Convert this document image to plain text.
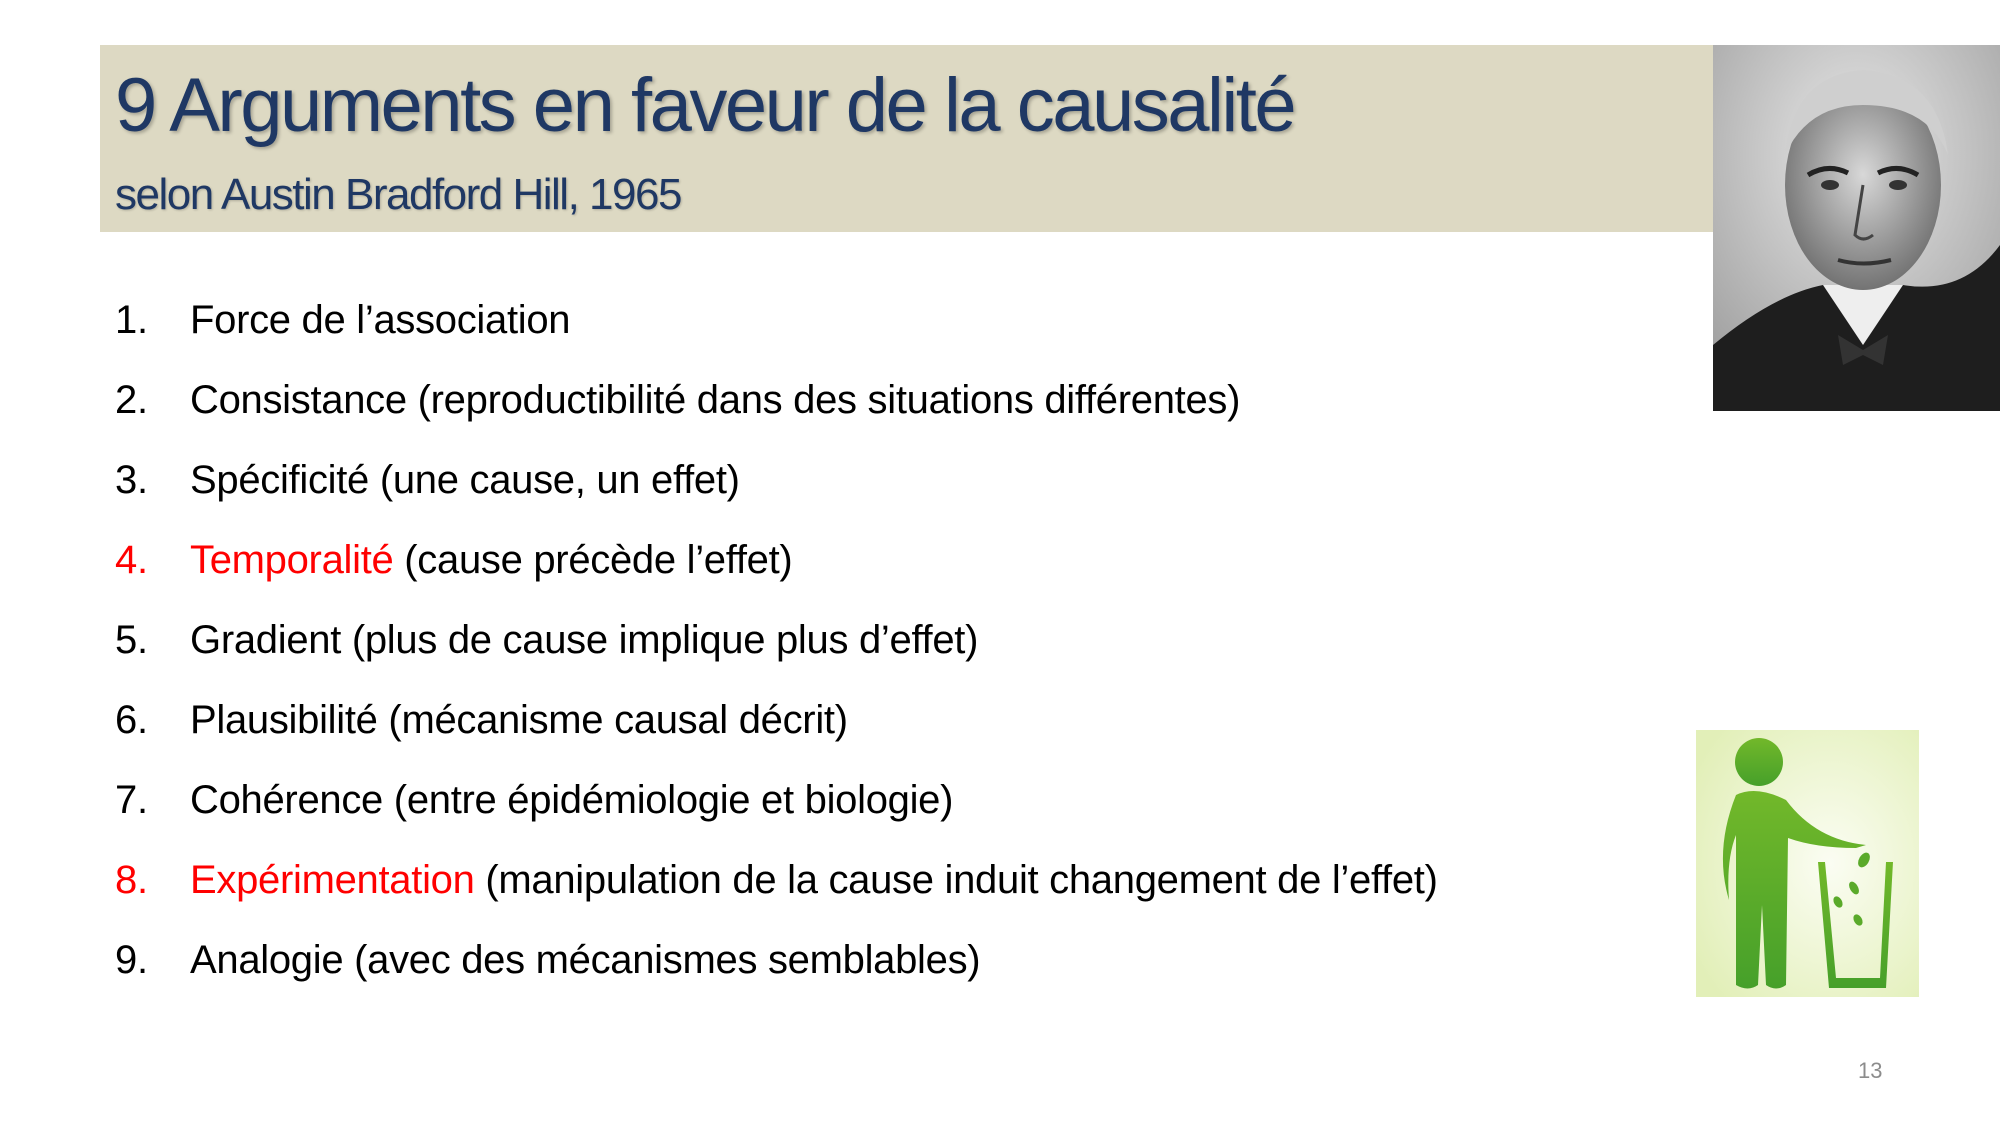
9 Arguments en faveur de la causalité
selon Austin Bradford Hill, 1965
1.	Force de l’association
2.	Consistance (reproductibilité dans des situations différentes)
3.	Spécificité (une cause, un effet)
4.	Temporalité (cause précède l’effet)
5.	Gradient (plus de cause implique plus d’effet)
6.	Plausibilité (mécanisme causal décrit)
7.	Cohérence (entre épidémiologie et biologie)
8.	Expérimentation (manipulation de la cause induit changement de l’effet)
9.	Analogie (avec des mécanismes semblables)
13
